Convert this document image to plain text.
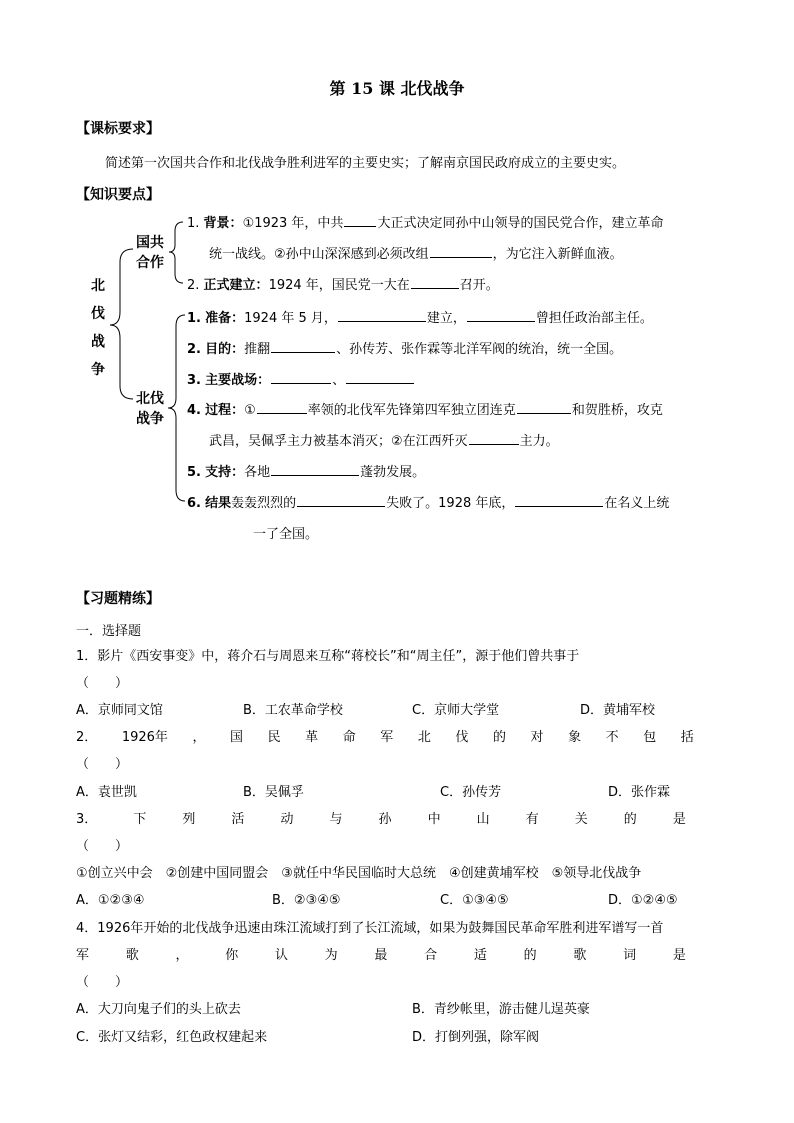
第 15 课 北伐战争
【课标要求】
简述第一次国共合作和北伐战争胜利进军的主要史实；了解南京国民政府成立的主要史实。
【知识要点】
北
伐
战
争
国共
合作
北伐
战争
1. 背景：①1923 年，中共	大正式决定同孙中山领导的国民党合作，建立革命
统一战线。②孙中山深深感到必须改组	，为它注入新鲜血液。
2. 正式建立：1924 年，国民党一大在	召开。
1. 准备：1924 年 5 月，	建立，	曾担任政治部主任。
2. 目的：推翻	、孙传芳、张作霖等北洋军阀的统治，统一全国。
3. 主要战场：	、
4. 过程：①	率领的北伐军先锋第四军独立团连克	和贺胜桥，攻克
武昌，吴佩孚主力被基本消灭；②在江西歼灭	主力。
5. 支持：各地	蓬勃发展。
6. 结果轰轰烈烈的	失败了。1928 年底，	在名义上统
一了全国。
【习题精练】
一．选择题
1．影片《西安事变》中，蒋介石与周恩来互称“蒋校长”和“周主任”，源于他们曾共事于
（　　）
A．京师同文馆	B．工农革命学校	C．京师大学堂	D．黄埔军校
2． 1926年 ， 国 民 革 命 军 北 伐 的 对 象 不 包 括
（　　）
A．袁世凯	B．吴佩孚	C．孙传芳	D．张作霖
3．	下	列	活	动	与	孙	中	山	有	关	的	是
（　　）
①创立兴中会　②创建中国同盟会　③就任中华民国临时大总统　④创建黄埔军校　⑤领导北伐战争
A．①②③④	B．②③④⑤	C．①③④⑤	D．①②④⑤
4．1926年开始的北伐战争迅速由珠江流域打到了长江流域，如果为鼓舞国民革命军胜利进军谱写一首
军	歌	，	你	认	为	最	合	适	的	歌	词	是
（　　）
A．大刀向鬼子们的头上砍去	B．青纱帐里，游击健儿逞英豪
C．张灯又结彩，红色政权建起来	D．打倒列强，除军阀
